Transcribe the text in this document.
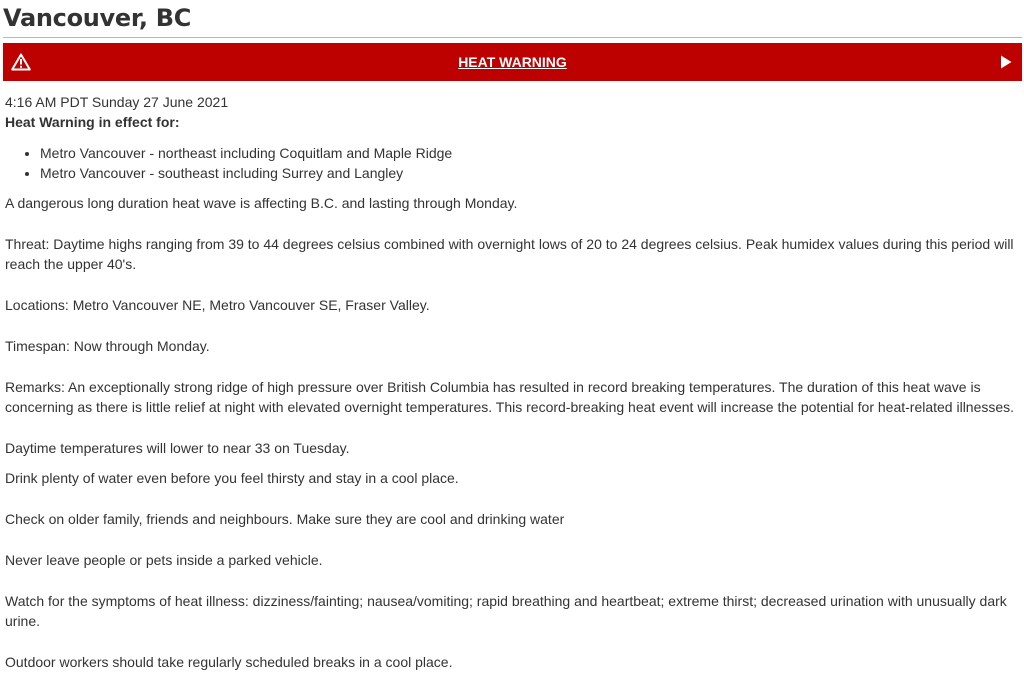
Vancouver, BC
HEAT WARNING

4:16 AM PDT Sunday 27 June 2021

Heat Warning in effect for:

• Metro Vancouver - northeast including Coquitlam and Maple Ridge
• Metro Vancouver - southeast including Surrey and Langley

A dangerous long duration heat wave is affecting B.C. and lasting through Monday.

Threat: Daytime highs ranging from 39 to 44 degrees celsius combined with overnight lows of 20 to 24 degrees celsius. Peak humidex values during this period will reach the upper 40's.

Locations: Metro Vancouver NE, Metro Vancouver SE, Fraser Valley.

Timespan: Now through Monday.

Remarks: An exceptionally strong ridge of high pressure over British Columbia has resulted in record breaking temperatures. The duration of this heat wave is concerning as there is little relief at night with elevated overnight temperatures. This record-breaking heat event will increase the potential for heat-related illnesses.

Daytime temperatures will lower to near 33 on Tuesday.

Drink plenty of water even before you feel thirsty and stay in a cool place.

Check on older family, friends and neighbours. Make sure they are cool and drinking water

Never leave people or pets inside a parked vehicle.

Watch for the symptoms of heat illness: dizziness/fainting; nausea/vomiting; rapid breathing and heartbeat; extreme thirst; decreased urination with unusually dark urine.

Outdoor workers should take regularly scheduled breaks in a cool place.
